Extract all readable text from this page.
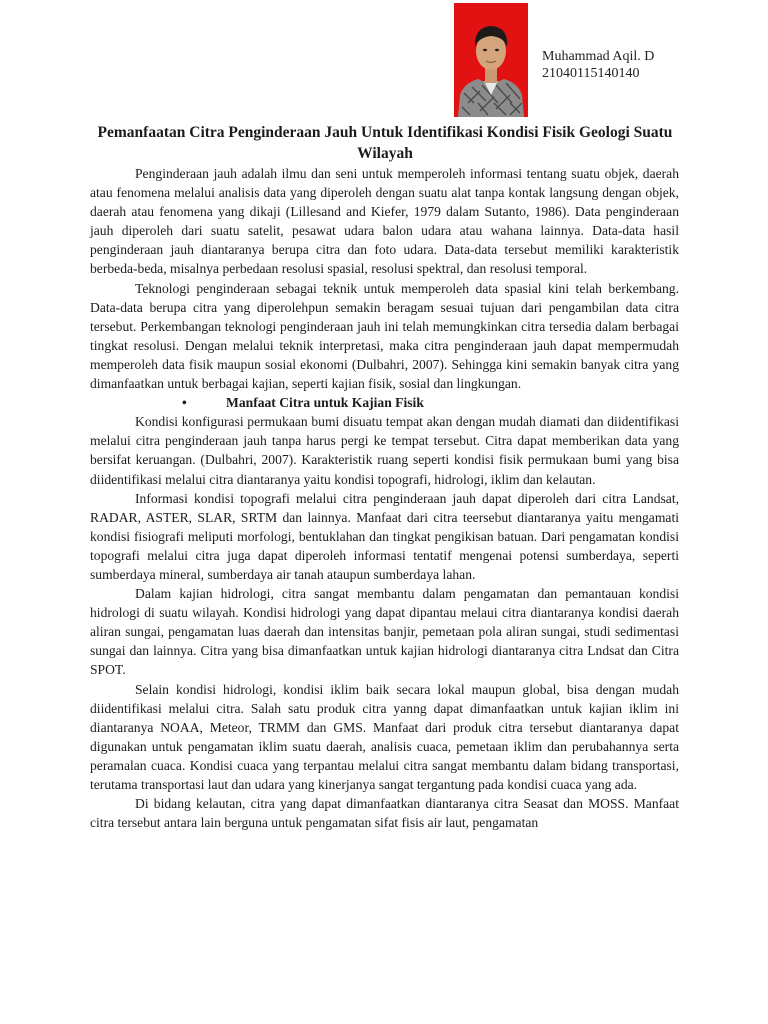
Muhammad Aqil. D
21040115140140
Pemanfaatan Citra Penginderaan Jauh Untuk Identifikasi Kondisi Fisik Geologi Suatu Wilayah

Penginderaan jauh adalah ilmu dan seni untuk memperoleh informasi tentang suatu objek, daerah atau fenomena melalui analisis data yang diperoleh dengan suatu alat tanpa kontak langsung dengan objek, daerah atau fenomena yang dikaji (Lillesand and Kiefer, 1979 dalam Sutanto, 1986). Data penginderaan jauh diperoleh dari suatu satelit, pesawat udara balon udara atau wahana lainnya. Data-data hasil penginderaan jauh diantaranya berupa citra dan foto udara. Data-data tersebut memiliki karakteristik berbeda-beda, misalnya perbedaan resolusi spasial, resolusi spektral, dan resolusi temporal.

Teknologi penginderaan sebagai teknik untuk memperoleh data spasial kini telah berkembang. Data-data berupa citra yang diperolehpun semakin beragam sesuai tujuan dari pengambilan data citra tersebut. Perkembangan teknologi penginderaan jauh ini telah memungkinkan citra tersedia dalam berbagai tingkat resolusi. Dengan melalui teknik interpretasi, maka citra penginderaan jauh dapat mempermudah memperoleh data fisik maupun sosial ekonomi (Dulbahri, 2007). Sehingga kini semakin banyak citra yang dimanfaatkan untuk berbagai kajian, seperti kajian fisik, sosial dan lingkungan.

•	Manfaat Citra untuk Kajian Fisik

Kondisi konfigurasi permukaan bumi disuatu tempat akan dengan mudah diamati dan diidentifikasi melalui citra penginderaan jauh tanpa harus pergi ke tempat tersebut. Citra dapat memberikan data yang bersifat keruangan. (Dulbahri, 2007). Karakteristik ruang seperti kondisi fisik permukaan bumi yang bisa diidentifikasi melalui citra diantaranya yaitu kondisi topografi, hidrologi, iklim dan kelautan.

Informasi kondisi topografi melalui citra penginderaan jauh dapat diperoleh dari citra Landsat, RADAR, ASTER, SLAR, SRTM dan lainnya. Manfaat dari citra teersebut diantaranya yaitu mengamati kondisi fisiografi meliputi morfologi, bentuklahan dan tingkat pengikisan batuan. Dari pengamatan kondisi topografi melalui citra juga dapat diperoleh informasi tentatif mengenai potensi sumberdaya, seperti sumberdaya mineral, sumberdaya air tanah ataupun sumberdaya lahan.

Dalam kajian hidrologi, citra sangat membantu dalam pengamatan dan pemantauan kondisi hidrologi di suatu wilayah. Kondisi hidrologi yang dapat dipantau melaui citra diantaranya kondisi daerah aliran sungai, pengamatan luas daerah dan intensitas banjir, pemetaan pola aliran sungai, studi sedimentasi sungai dan lainnya. Citra yang bisa dimanfaatkan untuk kajian hidrologi diantaranya citra Lndsat dan Citra SPOT.

Selain kondisi hidrologi, kondisi iklim baik secara lokal maupun global, bisa dengan mudah diidentifikasi melalui citra. Salah satu produk citra yanng dapat dimanfaatkan untuk kajian iklim ini diantaranya NOAA, Meteor, TRMM dan GMS. Manfaat dari produk citra tersebut diantaranya dapat digunakan untuk pengamatan iklim suatu daerah, analisis cuaca, pemetaan iklim dan perubahannya serta peramalan cuaca. Kondisi cuaca yang terpantau melalui citra sangat membantu dalam bidang transportasi, terutama transportasi laut dan udara yang kinerjanya sangat tergantung pada kondisi cuaca yang ada.

Di bidang kelautan, citra yang dapat dimanfaatkan diantaranya citra Seasat dan MOSS. Manfaat citra tersebut antara lain berguna untuk pengamatan sifat fisis air laut, pengamatan
